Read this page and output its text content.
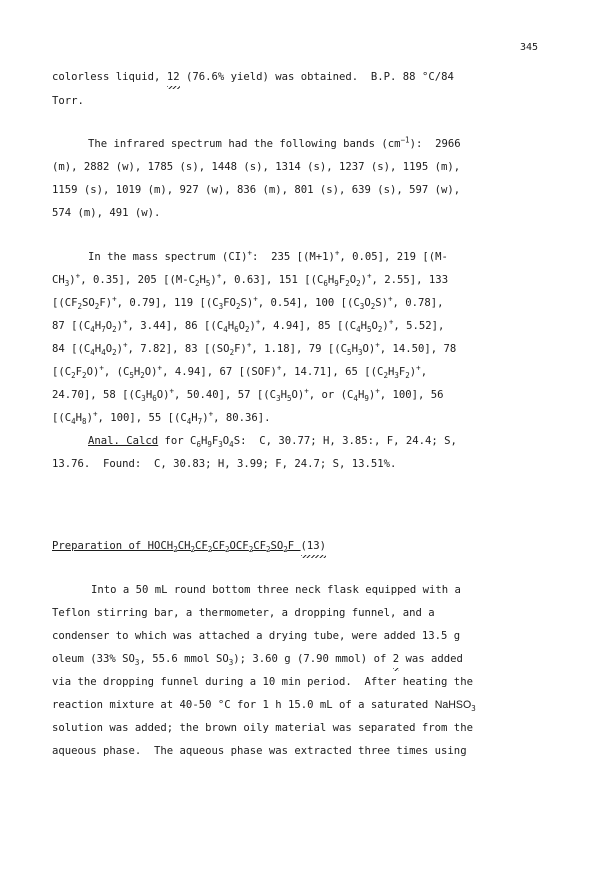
345
colorless liquid, 12 (76.6% yield) was obtained.  B.P. 88 °C/84
Torr.
The infrared spectrum had the following bands $(cm^{-1})$:  2966
(m), 2882 (w), 1785 (s), 1448 (s), 1314 (s), 1237 (s), 1195 (m),
1159 (s), 1019 (m), 927 (w), 836 (m), 801 (s), 639 (s), 597 (w),
574 (m), 491 (w).
In the mass spectrum (CI)+:  235 [(M+1)+, 0.05], 219 [(M-
$CH_3)^+$, 0.35], 205 [$(M-C_2H_5)^+$, 0.63], 151 [$(C_6H_9F_2O_2)^+$, 2.55], 133
[$(CF_2SO_2F)^+$, 0.79], 119 [$(C_3FO_2S)^+$, 0.54], 100 [$(C_3O_2S)^+$, 0.78],
87 [$(C_4H_7O_2)^+$, 3.44], 86 [$(C_4H_6O_2)^+$, 4.94], 85 [$(C_4H_5O_2)^+$, 5.52],
84 [$(C_4H_4O_2)^+$, 7.82], 83 [$(SO_2F)^+$, 1.18], 79 [$(C_5H_3O)^+$, 14.50], 78
[$(C_2F_2O)^+$, $(C_5H_2O)^+$, 4.94], 67 [(SOF)+, 14.71], 65 [$(C_2H_3F_2)^+$,
24.70], 58 [$(C_3H_6O)^+$, 50.40], 57 [$(C_3H_5O)^+$, or $(C_4H_9)^+$, 100], 56
[$(C_4H_8)^+$, 100], 55 [$(C_4H_7)^+$, 80.36].
Anal. Calcd for $C_6H_9F_3O_4S$:  C, 30.77; H, 3.85:, F, 24.4; S,
13.76.  Found:  C, 30.83; H, 3.99; F, 24.7; S, 13.51%.
Preparation of $HOCH_2CH_2CF_2CF_2OCF_2CF_2SO_2F$ (13)
Into a 50 mL round bottom three neck flask equipped with a
Teflon stirring bar, a thermometer, a dropping funnel, and a
condenser to which was attached a drying tube, were added 13.5 g
oleum (33% $SO_3$, 55.6 mmol $SO_3$); 3.60 g (7.90 mmol) of 2 was added
via the dropping funnel during a 10 min period.  After heating the
reaction mixture at 40-50 °C for 1 h 15.0 mL of a saturated NaHSO$_3$
solution was added; the brown oily material was separated from the
aqueous phase.  The aqueous phase was extracted three times using
